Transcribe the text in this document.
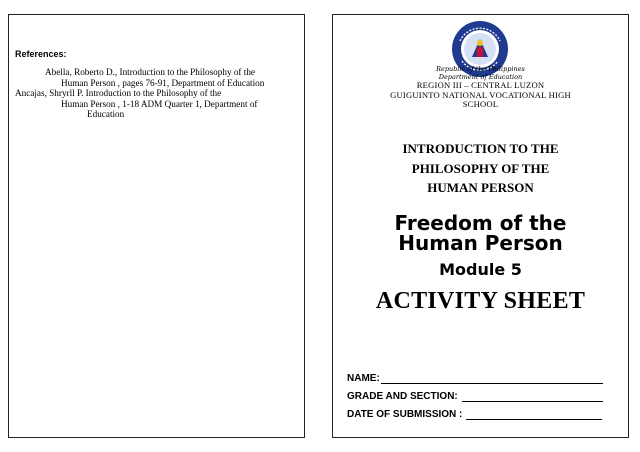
References:
Abella, Roberto D., Introduction to the Philosophy of the
Human Person , pages 76-91, Department of Education
Ancajas, Shryrll P. Introduction to the Philosophy of the
Human Person , 1-18 ADM Quarter 1, Department of
Education
Republic of the Philippines
Department of Education
REGION III – CENTRAL LUZON
GUIGUINTO NATIONAL VOCATIONAL HIGH
SCHOOL
INTRODUCTION TO THE
PHILOSOPHY OF THE
HUMAN PERSON
Freedom of the
Human Person
Module 5
ACTIVITY SHEET
NAME:
GRADE AND SECTION:
DATE OF SUBMISSION :
